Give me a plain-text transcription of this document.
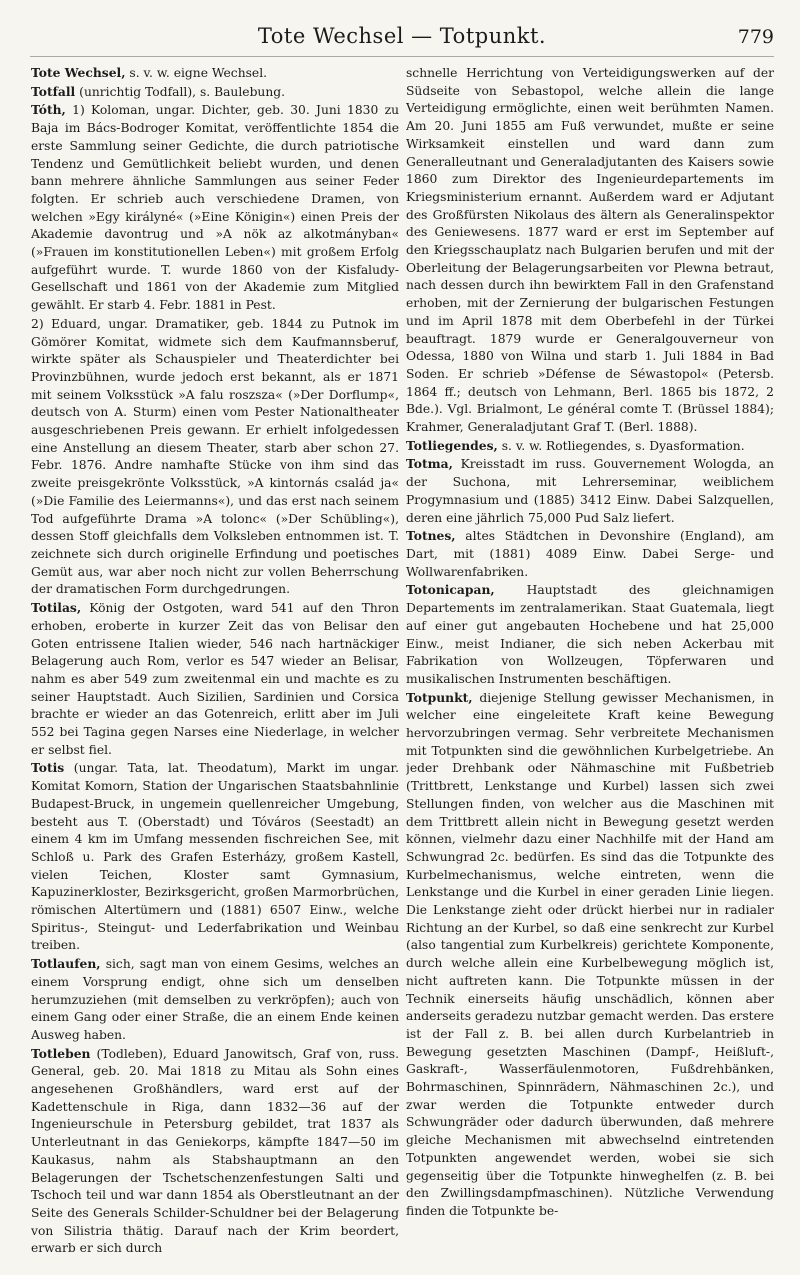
Tote Wechsel — Totpunkt.	779

Tote Wechsel, s. v. w. eigne Wechsel.

Totfall (unrichtig Todfall), s. Baulebung.

Tóth, 1) Koloman, ungar. Dichter, geb. 30. Juni 1830 zu Baja im Bács-Bodroger Komitat, veröffentlichte 1854 die erste Sammlung seiner Gedichte, die durch patriotische Tendenz und Gemütlichkeit beliebt wurden, und denen bann mehrere ähnliche Sammlungen aus seiner Feder folgten. Er schrieb auch verschiedene Dramen, von welchen »Egy királyné« (»Eine Königin«) einen Preis der Akademie davontrug und »A nök az alkotmányban« (»Frauen im konstitutionellen Leben«) mit großem Erfolg aufgeführt wurde. T. wurde 1860 von der Kisfaludy-Gesellschaft und 1861 von der Akademie zum Mitglied gewählt. Er starb 4. Febr. 1881 in Pest.

2) Eduard, ungar. Dramatiker, geb. 1844 zu Putnok im Gömörer Komitat, widmete sich dem Kaufmannsberuf, wirkte später als Schauspieler und Theaterdichter bei Provinzbühnen, wurde jedoch erst bekannt, als er 1871 mit seinem Volksstück »A falu roszsza« (»Der Dorflump«, deutsch von A. Sturm) einen vom Pester Nationaltheater ausgeschriebenen Preis gewann. Er erhielt infolgedessen eine Anstellung an diesem Theater, starb aber schon 27. Febr. 1876. Andre namhafte Stücke von ihm sind das zweite preisgekrönte Volksstück, »A kintornás család ja« (»Die Familie des Leiermanns«), und das erst nach seinem Tod aufgeführte Drama »A tolonc« (»Der Schübling«), dessen Stoff gleichfalls dem Volksleben entnommen ist. T. zeichnete sich durch originelle Erfindung und poetisches Gemüt aus, war aber noch nicht zur vollen Beherrschung der dramatischen Form durchgedrungen.

Totilas, König der Ostgoten, ward 541 auf den Thron erhoben, eroberte in kurzer Zeit das von Belisar den Goten entrissene Italien wieder, 546 nach hartnäckiger Belagerung auch Rom, verlor es 547 wieder an Belisar, nahm es aber 549 zum zweitenmal ein und machte es zu seiner Hauptstadt. Auch Sizilien, Sardinien und Corsica brachte er wieder an das Gotenreich, erlitt aber im Juli 552 bei Tagina gegen Narses eine Niederlage, in welcher er selbst fiel.

Totis (ungar. Tata, lat. Theodatum), Markt im ungar. Komitat Komorn, Station der Ungarischen Staatsbahnlinie Budapest-Bruck, in ungemein quellenreicher Umgebung, besteht aus T. (Oberstadt) und Tóváros (Seestadt) an einem 4 km im Umfang messenden fischreichen See, mit Schloß u. Park des Grafen Esterházy, großem Kastell, vielen Teichen, Kloster samt Gymnasium, Kapuzinerkloster, Bezirksgericht, großen Marmorbrüchen, römischen Altertümern und (1881) 6507 Einw., welche Spiritus-, Steingut- und Lederfabrikation und Weinbau treiben.

Totlaufen, sich, sagt man von einem Gesims, welches an einem Vorsprung endigt, ohne sich um denselben herumzuziehen (mit demselben zu verkröpfen); auch von einem Gang oder einer Straße, die an einem Ende keinen Ausweg haben.

Totleben (Todleben), Eduard Janowitsch, Graf von, russ. General, geb. 20. Mai 1818 zu Mitau als Sohn eines angesehenen Großhändlers, ward erst auf der Kadettenschule in Riga, dann 1832—36 auf der Ingenieurschule in Petersburg gebildet, trat 1837 als Unterleutnant in das Geniekorps, kämpfte 1847—50 im Kaukasus, nahm als Stabshauptmann an den Belagerungen der Tschetschenzenfestungen Salti und Tschoch teil und war dann 1854 als Oberstleutnant an der Seite des Generals Schilder-Schuldner bei der Belagerung von Silistria thätig. Darauf nach der Krim beordert, erwarb er sich durch

schnelle Herrichtung von Verteidigungswerken auf der Südseite von Sebastopol, welche allein die lange Verteidigung ermöglichte, einen weit berühmten Namen. Am 20. Juni 1855 am Fuß verwundet, mußte er seine Wirksamkeit einstellen und ward dann zum Generalleutnant und Generaladjutanten des Kaisers sowie 1860 zum Direktor des Ingenieurdepartements im Kriegsministerium ernannt. Außerdem ward er Adjutant des Großfürsten Nikolaus des ältern als Generalinspektor des Geniewesens. 1877 ward er erst im September auf den Kriegsschauplatz nach Bulgarien berufen und mit der Oberleitung der Belagerungsarbeiten vor Plewna betraut, nach dessen durch ihn bewirktem Fall in den Grafenstand erhoben, mit der Zernierung der bulgarischen Festungen und im April 1878 mit dem Oberbefehl in der Türkei beauftragt. 1879 wurde er Generalgouverneur von Odessa, 1880 von Wilna und starb 1. Juli 1884 in Bad Soden. Er schrieb »Défense de Séwastopol« (Petersb. 1864 ff.; deutsch von Lehmann, Berl. 1865 bis 1872, 2 Bde.). Vgl. Brialmont, Le général comte T. (Brüssel 1884); Krahmer, Generaladjutant Graf T. (Berl. 1888).

Totliegendes, s. v. w. Rotliegendes, s. Dyasformation.

Totma, Kreisstadt im russ. Gouvernement Wologda, an der Suchona, mit Lehrerseminar, weiblichem Progymnasium und (1885) 3412 Einw. Dabei Salzquellen, deren eine jährlich 75,000 Pud Salz liefert.

Totnes, altes Städtchen in Devonshire (England), am Dart, mit (1881) 4089 Einw. Dabei Serge- und Wollwarenfabriken.

Totonicapan, Hauptstadt des gleichnamigen Departements im zentralamerikan. Staat Guatemala, liegt auf einer gut angebauten Hochebene und hat 25,000 Einw., meist Indianer, die sich neben Ackerbau mit Fabrikation von Wollzeugen, Töpferwaren und musikalischen Instrumenten beschäftigen.

Totpunkt, diejenige Stellung gewisser Mechanismen, in welcher eine eingeleitete Kraft keine Bewegung hervorzubringen vermag. Sehr verbreitete Mechanismen mit Totpunkten sind die gewöhnlichen Kurbelgetriebe. An jeder Drehbank oder Nähmaschine mit Fußbetrieb (Trittbrett, Lenkstange und Kurbel) lassen sich zwei Stellungen finden, von welcher aus die Maschinen mit dem Trittbrett allein nicht in Bewegung gesetzt werden können, vielmehr dazu einer Nachhilfe mit der Hand am Schwungrad 2c. bedürfen. Es sind das die Totpunkte des Kurbelmechanismus, welche eintreten, wenn die Lenkstange und die Kurbel in einer geraden Linie liegen. Die Lenkstange zieht oder drückt hierbei nur in radialer Richtung an der Kurbel, so daß eine senkrecht zur Kurbel (also tangential zum Kurbelkreis) gerichtete Komponente, durch welche allein eine Kurbelbewegung möglich ist, nicht auftreten kann. Die Totpunkte müssen in der Technik einerseits häufig unschädlich, können aber anderseits geradezu nutzbar gemacht werden. Das erstere ist der Fall z. B. bei allen durch Kurbelantrieb in Bewegung gesetzten Maschinen (Dampf-, Heißluft-, Gaskraft-, Wasserfäulenmotoren, Fußdrehbänken, Bohrmaschinen, Spinnrädern, Nähmaschinen 2c.), und zwar werden die Totpunkte entweder durch Schwungräder oder dadurch überwunden, daß mehrere gleiche Mechanismen mit abwechselnd eintretenden Totpunkten angewendet werden, wobei sie sich gegenseitig über die Totpunkte hinweghelfen (z. B. bei den Zwillingsdampfmaschinen). Nützliche Verwendung finden die Totpunkte be-
